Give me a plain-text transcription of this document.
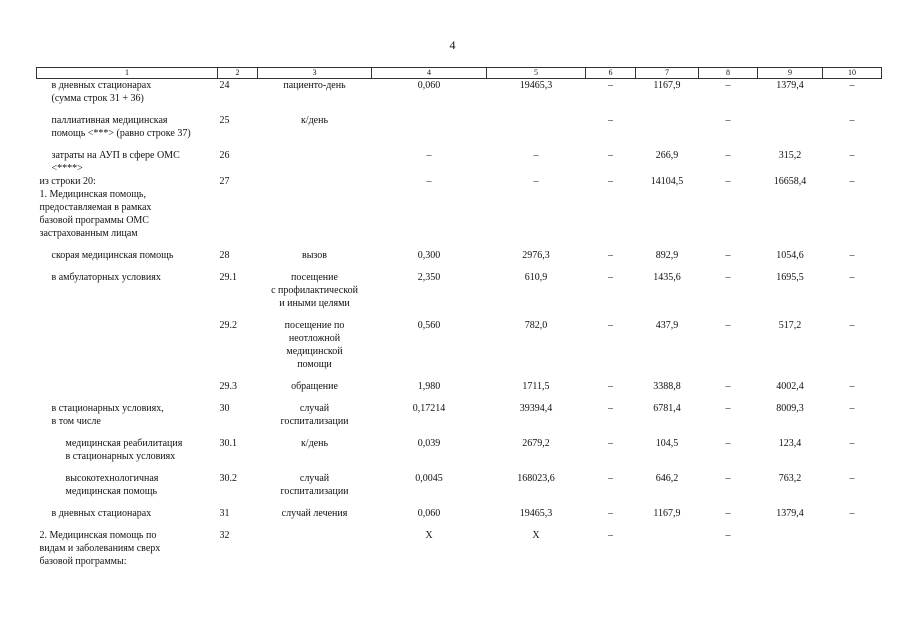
4
1	2	3	4	5	6	7	8	9	10
в дневных стационарах
(сумма строк 31 + 36)	24	пациенто-день	0,060	19465,3	–	1167,9	–	1379,4	–
паллиативная медицинская
помощь <***> (равно строке 37)	25	к/день			–		–		–
затраты на АУП в сфере ОМС
<****>	26		–	–	–	266,9	–	315,2	–
из строки 20:	27		–	–	–	14104,5	–	16658,4	–
1. Медицинская помощь,
предоставляемая в рамках
базовой программы ОМС
застрахованным лицам									
скорая медицинская помощь	28	вызов	0,300	2976,3	–	892,9	–	1054,6	–
в амбулаторных условиях	29.1	посещение
с профилактической
и иными целями	2,350	610,9	–	1435,6	–	1695,5	–
	29.2	посещение по
неотложной
медицинской
помощи	0,560	782,0	–	437,9	–	517,2	–
	29.3	обращение	1,980	1711,5	–	3388,8	–	4002,4	–
в стационарных условиях,
в том числе	30	случай
госпитализации	0,17214	39394,4	–	6781,4	–	8009,3	–
медицинская реабилитация
в стационарных условиях	30.1	к/день	0,039	2679,2	–	104,5	–	123,4	–
высокотехнологичная
медицинская помощь	30.2	случай
госпитализации	0,0045	168023,6	–	646,2	–	763,2	–
в дневных стационарах	31	случай лечения	0,060	19465,3	–	1167,9	–	1379,4	–
2. Медицинская помощь по
видам и заболеваниям сверх
базовой программы:	32		Х	Х	–		–		
